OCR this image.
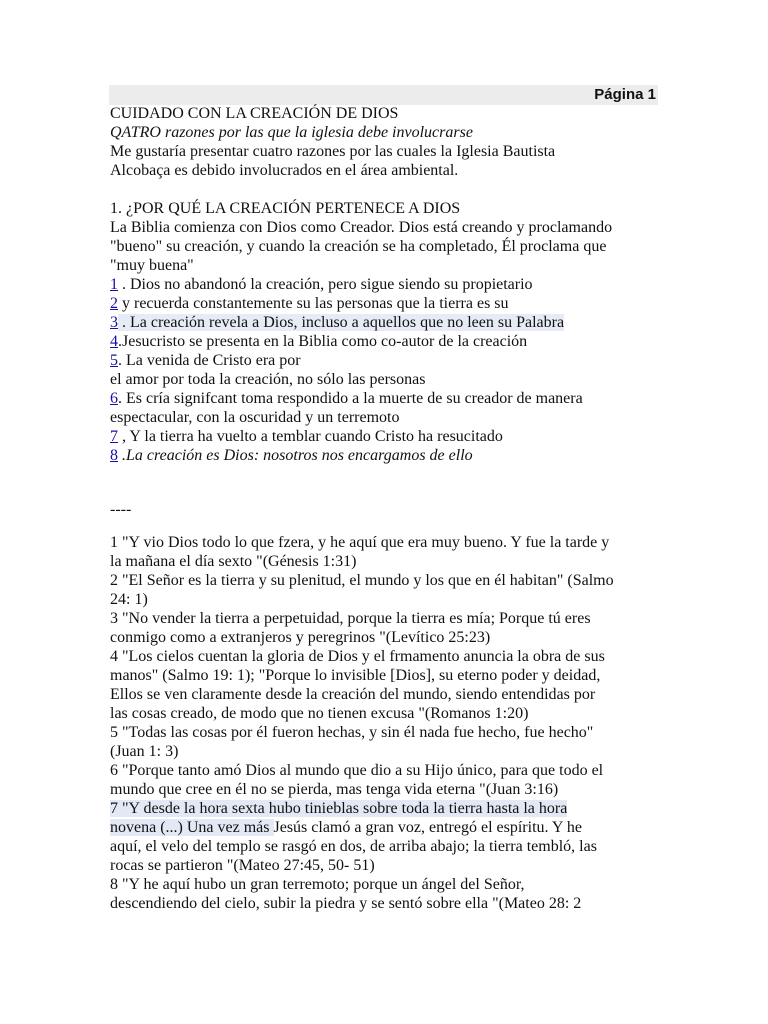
Página 1
CUIDADO CON LA CREACIÓN DE DIOS
QATRO razones por las que la iglesia debe involucrarse
Me gustaría presentar cuatro razones por las cuales la Iglesia Bautista
Alcobaça es debido involucrados en el área ambiental.
1. ¿POR QUÉ LA CREACIÓN PERTENECE A DIOS
La Biblia comienza con Dios como Creador. Dios está creando y proclamando
"bueno" su creación, y cuando la creación se ha completado, Él proclama que
"muy buena"
1 . Dios no abandonó la creación, pero sigue siendo su propietario
2 y recuerda constantemente su las personas que la tierra es su
3 . La creación revela a Dios, incluso a aquellos que no leen su Palabra
4.Jesucristo se presenta en la Biblia como co-autor de la creación
5. La venida de Cristo era por
el amor por toda la creación, no sólo las personas
6. Es cría signifcant toma respondido a la muerte de su creador de manera
espectacular, con la oscuridad y un terremoto
7 , Y la tierra ha vuelto a temblar cuando Cristo ha resucitado
8 .La creación es Dios: nosotros nos encargamos de ello
----
1 "Y vio Dios todo lo que fzera, y he aquí que era muy bueno. Y fue la tarde y
la mañana el día sexto "(Génesis 1:31)
2 "El Señor es la tierra y su plenitud, el mundo y los que en él habitan" (Salmo
24: 1)
3 "No vender la tierra a perpetuidad, porque la tierra es mía; Porque tú eres
conmigo como a extranjeros y peregrinos "(Levítico 25:23)
4 "Los cielos cuentan la gloria de Dios y el frmamento anuncia la obra de sus
manos" (Salmo 19: 1); "Porque lo invisible [Dios], su eterno poder y deidad,
Ellos se ven claramente desde la creación del mundo, siendo entendidas por
las cosas creado, de modo que no tienen excusa "(Romanos 1:20)
5 "Todas las cosas por él fueron hechas, y sin él nada fue hecho, fue hecho"
(Juan 1: 3)
6 "Porque tanto amó Dios al mundo que dio a su Hijo único, para que todo el
mundo que cree en él no se pierda, mas tenga vida eterna "(Juan 3:16)
7 "Y desde la hora sexta hubo tinieblas sobre toda la tierra hasta la hora
novena (...) Una vez más Jesús clamó a gran voz, entregó el espíritu. Y he
aquí, el velo del templo se rasgó en dos, de arriba abajo; la tierra tembló, las
rocas se partieron "(Mateo 27:45, 50- 51)
8 "Y he aquí hubo un gran terremoto; porque un ángel del Señor,
descendiendo del cielo, subir la piedra y se sentó sobre ella "(Mateo 28: 2
